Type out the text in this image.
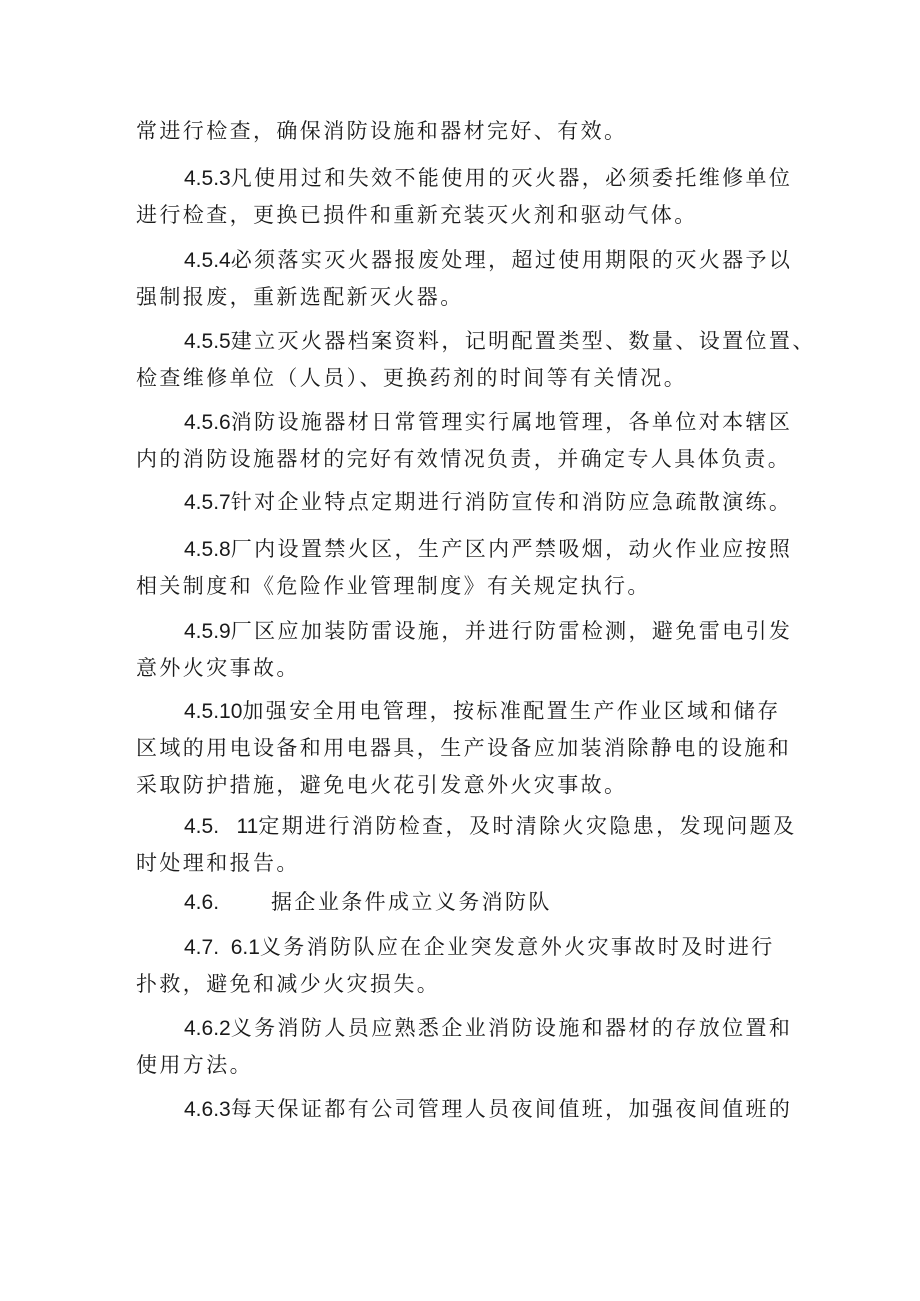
常进行检查，确保消防设施和器材完好、有效。

4.5.3凡使用过和失效不能使用的灭火器，必须委托维修单位
进行检查，更换已损件和重新充装灭火剂和驱动气体。

4.5.4必须落实灭火器报废处理，超过使用期限的灭火器予以
强制报废，重新选配新灭火器。

4.5.5建立灭火器档案资料，记明配置类型、数量、设置位置、
检查维修单位（人员）、更换药剂的时间等有关情况。

4.5.6消防设施器材日常管理实行属地管理，各单位对本辖区
内的消防设施器材的完好有效情况负责，并确定专人具体负责。

4.5.7针对企业特点定期进行消防宣传和消防应急疏散演练。

4.5.8厂内设置禁火区，生产区内严禁吸烟，动火作业应按照
相关制度和《危险作业管理制度》有关规定执行。

4.5.9厂区应加装防雷设施，并进行防雷检测，避免雷电引发
意外火灾事故。

4.5.10加强安全用电管理，按标准配置生产作业区域和储存
区域的用电设备和用电器具，生产设备应加装消除静电的设施和
采取防护措施，避免电火花引发意外火灾事故。

4.5.   11定期进行消防检查，及时清除火灾隐患，发现问题及
时处理和报告。

4.6. 据企业条件成立义务消防队

4.7.  6.1义务消防队应在企业突发意外火灾事故时及时进行
扑救，避免和减少火灾损失。

4.6.2义务消防人员应熟悉企业消防设施和器材的存放位置和
使用方法。

4.6.3每天保证都有公司管理人员夜间值班，加强夜间值班的
